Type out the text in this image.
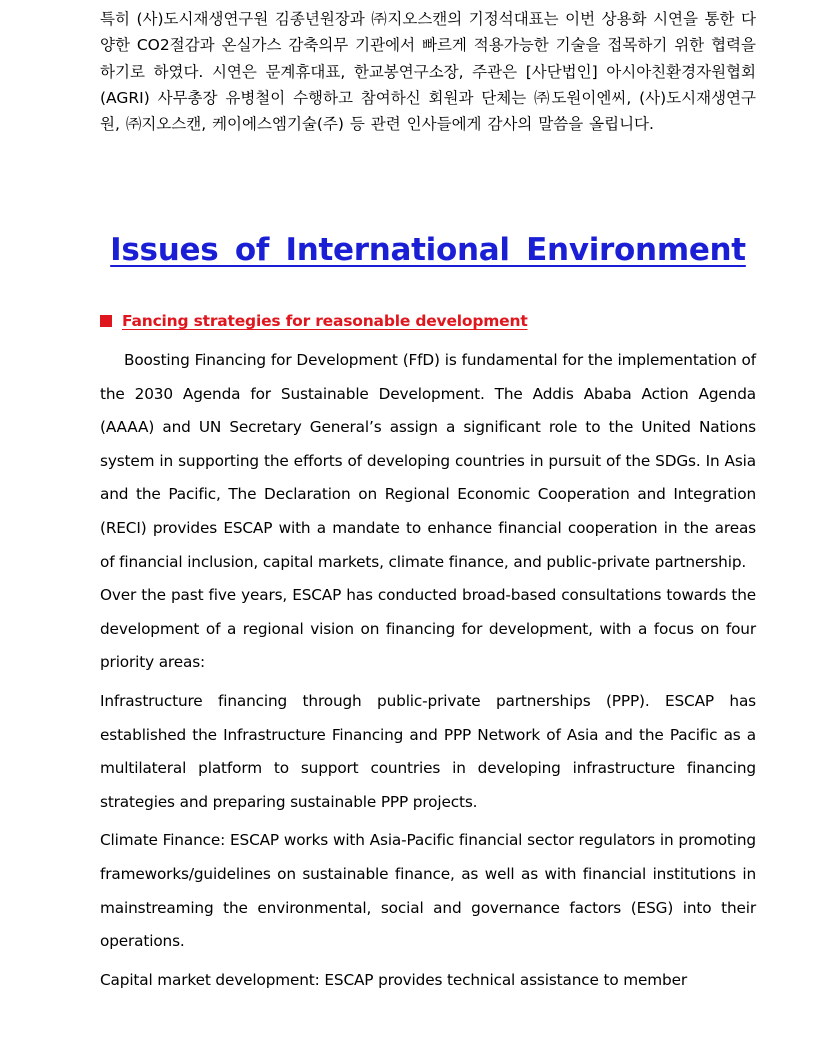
특히 (사)도시재생연구원 김종년원장과 ㈜지오스캔의 기정석대표는 이번 상용화 시연을 통한 다양한 CO2절감과 온실가스 감축의무 기관에서 빠르게 적용가능한 기술을 접목하기 위한 협력을 하기로 하였다. 시연은 문계휴대표, 한교봉연구소장, 주관은 [사단법인] 아시아친환경자원협회 (AGRI) 사무총장 유병철이 수행하고 참여하신 회원과 단체는 ㈜도원이엔씨, (사)도시재생연구원, ㈜지오스캔, 케이에스엠기술(주) 등 관련 인사들에게 감사의 말씀을 올립니다.

Issues of International Environment
Fancing strategies for reasonable development

Boosting Financing for Development (FfD) is fundamental for the implementation of the 2030 Agenda for Sustainable Development. The Addis Ababa Action Agenda (AAAA) and UN Secretary General’s assign a significant role to the United Nations system in supporting the efforts of developing countries in pursuit of the SDGs. In Asia and the Pacific, The Declaration on Regional Economic Cooperation and Integration (RECI) provides ESCAP with a mandate to enhance financial cooperation in the areas of financial inclusion, capital markets, climate finance, and public-private partnership.

Over the past five years, ESCAP has conducted broad-based consultations towards the development of a regional vision on financing for development, with a focus on four priority areas:

Infrastructure financing through public-private partnerships (PPP). ESCAP has established the Infrastructure Financing and PPP Network of Asia and the Pacific as a multilateral platform to support countries in developing infrastructure financing strategies and preparing sustainable PPP projects.

Climate Finance: ESCAP works with Asia-Pacific financial sector regulators in promoting frameworks/guidelines on sustainable finance, as well as with financial institutions in mainstreaming the environmental, social and governance factors (ESG) into their operations.

Capital market development: ESCAP provides technical assistance to member
